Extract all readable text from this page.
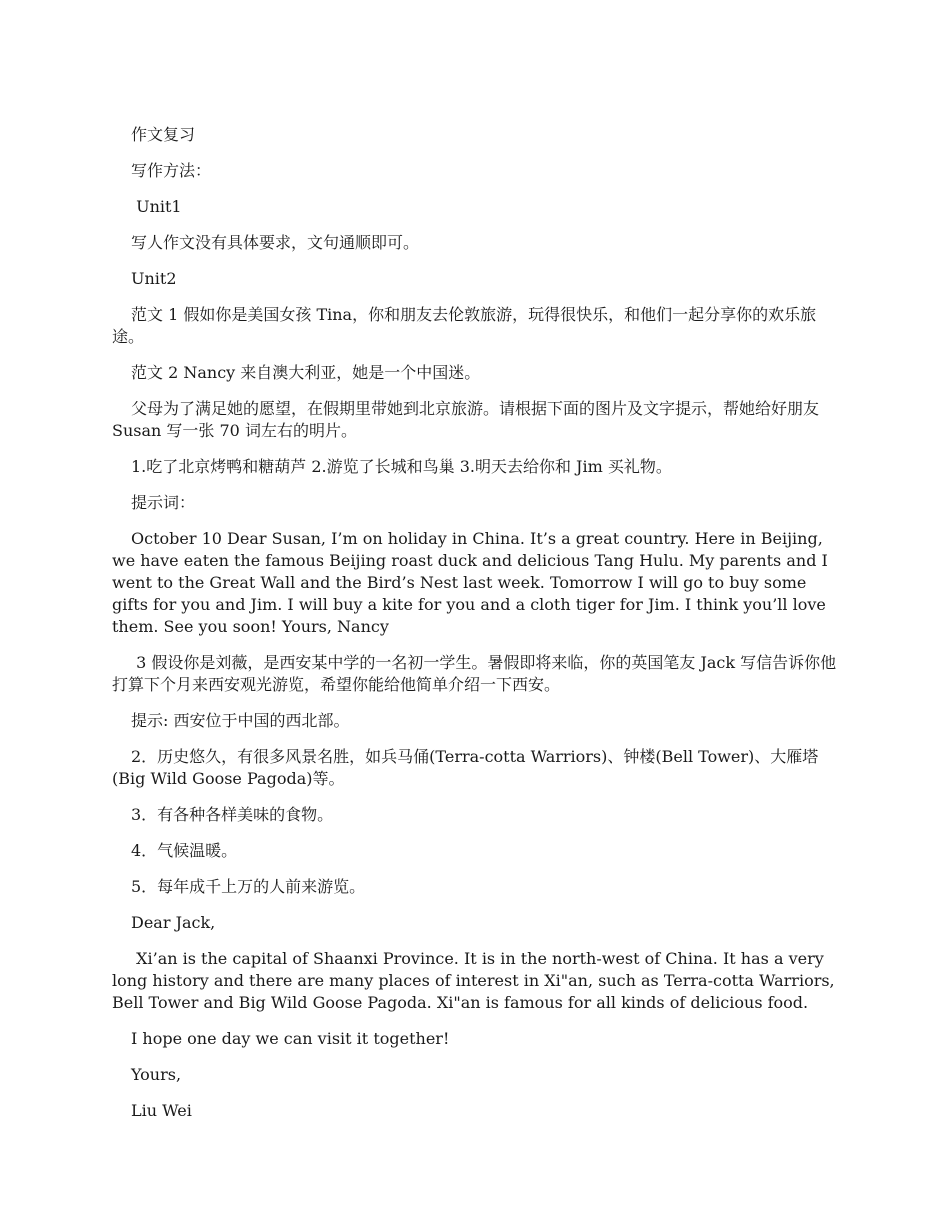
作文复习

写作方法：

Unit1

写人作文没有具体要求，文句通顺即可。

Unit2

范文 1 假如你是美国女孩 Tina，你和朋友去伦敦旅游，玩得很快乐，和他们一起分享你的欢乐旅途。

范文 2 Nancy 来自澳大利亚，她是一个中国迷。

父母为了满足她的愿望，在假期里带她到北京旅游。请根据下面的图片及文字提示，帮她给好朋友 Susan 写一张 70 词左右的明片。

1.吃了北京烤鸭和糖葫芦 2.游览了长城和鸟巢 3.明天去给你和 Jim 买礼物。

提示词：

October 10 Dear Susan, I’m on holiday in China. It’s a great country. Here in Beijing, we have eaten the famous Beijing roast duck and delicious Tang Hulu. My parents and I went to the Great Wall and the Bird’s Nest last week. Tomorrow I will go to buy some gifts for you and Jim. I will buy a kite for you and a cloth tiger for Jim. I think you’ll love them. See you soon! Yours, Nancy

3 假设你是刘薇，是西安某中学的一名初一学生。暑假即将来临，你的英国笔友 Jack 写信告诉你他打算下个月来西安观光游览，希望你能给他简单介绍一下西安。

提示: 西安位于中国的西北部。

2．历史悠久，有很多风景名胜，如兵马俑(Terra-cotta Warriors)、钟楼(Bell Tower)、大雁塔(Big Wild Goose Pagoda)等。

3．有各种各样美味的食物。

4．气候温暖。

5．每年成千上万的人前来游览。

Dear Jack,

Xi’an is the capital of Shaanxi Province. It is in the north-west of China. It has a very long history and there are many places of interest in Xi"an, such as Terra-cotta Warriors, Bell Tower and Big Wild Goose Pagoda. Xi"an is famous for all kinds of delicious food.

I hope one day we can visit it together!

Yours,

Liu Wei
